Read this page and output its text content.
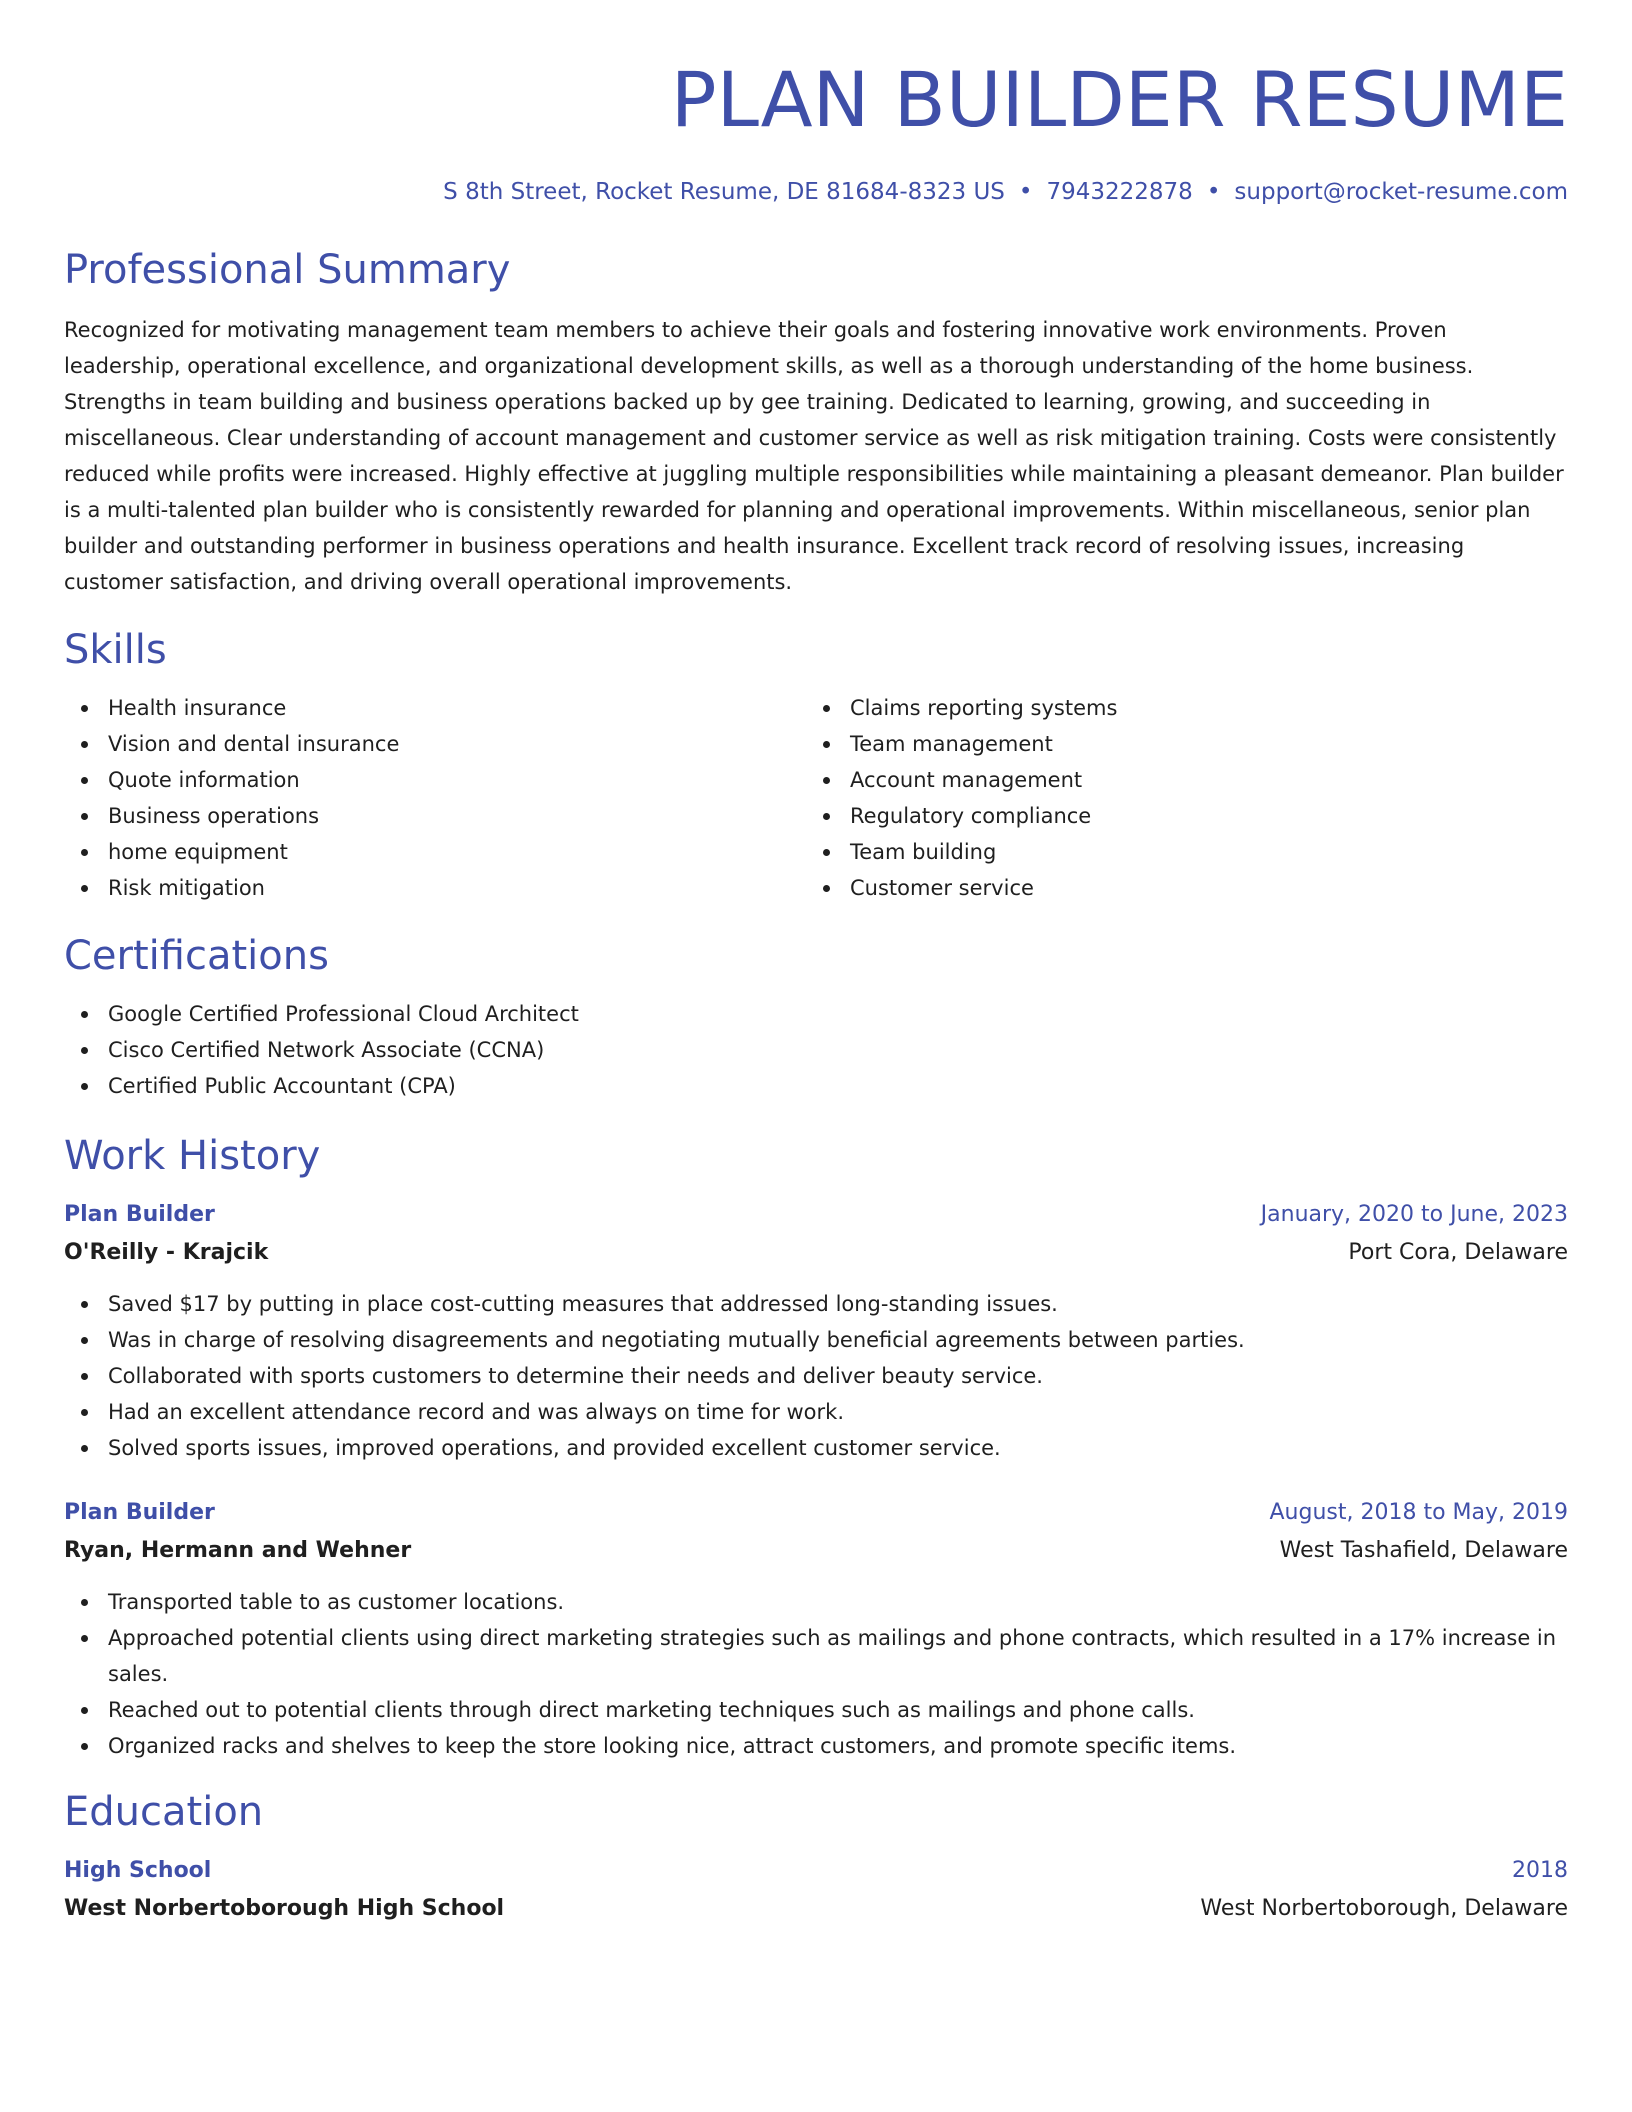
PLAN BUILDER RESUME
S 8th Street, Rocket Resume, DE 81684-8323 US • 7943222878 • support@rocket-resume.com
Professional Summary

Recognized for motivating management team members to achieve their goals and fostering innovative work environments. Proven leadership, operational excellence, and organizational development skills, as well as a thorough understanding of the home business. Strengths in team building and business operations backed up by gee training. Dedicated to learning, growing, and succeeding in miscellaneous. Clear understanding of account management and customer service as well as risk mitigation training. Costs were consistently reduced while profits were increased. Highly effective at juggling multiple responsibilities while maintaining a pleasant demeanor. Plan builder is a multi-talented plan builder who is consistently rewarded for planning and operational improvements. Within miscellaneous, senior plan builder and outstanding performer in business operations and health insurance. Excellent track record of resolving issues, increasing customer satisfaction, and driving overall operational improvements.

Skills
Health insurance
Vision and dental insurance
Quote information
Business operations
home equipment
Risk mitigation
Claims reporting systems
Team management
Account management
Regulatory compliance
Team building
Customer service
Certifications
Google Certified Professional Cloud Architect
Cisco Certified Network Associate (CCNA)
Certified Public Accountant (CPA)
Work History
Plan Builder	January, 2020 to June, 2023
O'Reilly - Krajcik	Port Cora, Delaware
Saved $17 by putting in place cost-cutting measures that addressed long-standing issues.
Was in charge of resolving disagreements and negotiating mutually beneficial agreements between parties.
Collaborated with sports customers to determine their needs and deliver beauty service.
Had an excellent attendance record and was always on time for work.
Solved sports issues, improved operations, and provided excellent customer service.
Plan Builder	August, 2018 to May, 2019
Ryan, Hermann and Wehner	West Tashafield, Delaware
Transported table to as customer locations.
Approached potential clients using direct marketing strategies such as mailings and phone contracts, which resulted in a 17% increase in sales.
Reached out to potential clients through direct marketing techniques such as mailings and phone calls.
Organized racks and shelves to keep the store looking nice, attract customers, and promote specific items.
Education
High School	2018
West Norbertoborough High School	West Norbertoborough, Delaware
